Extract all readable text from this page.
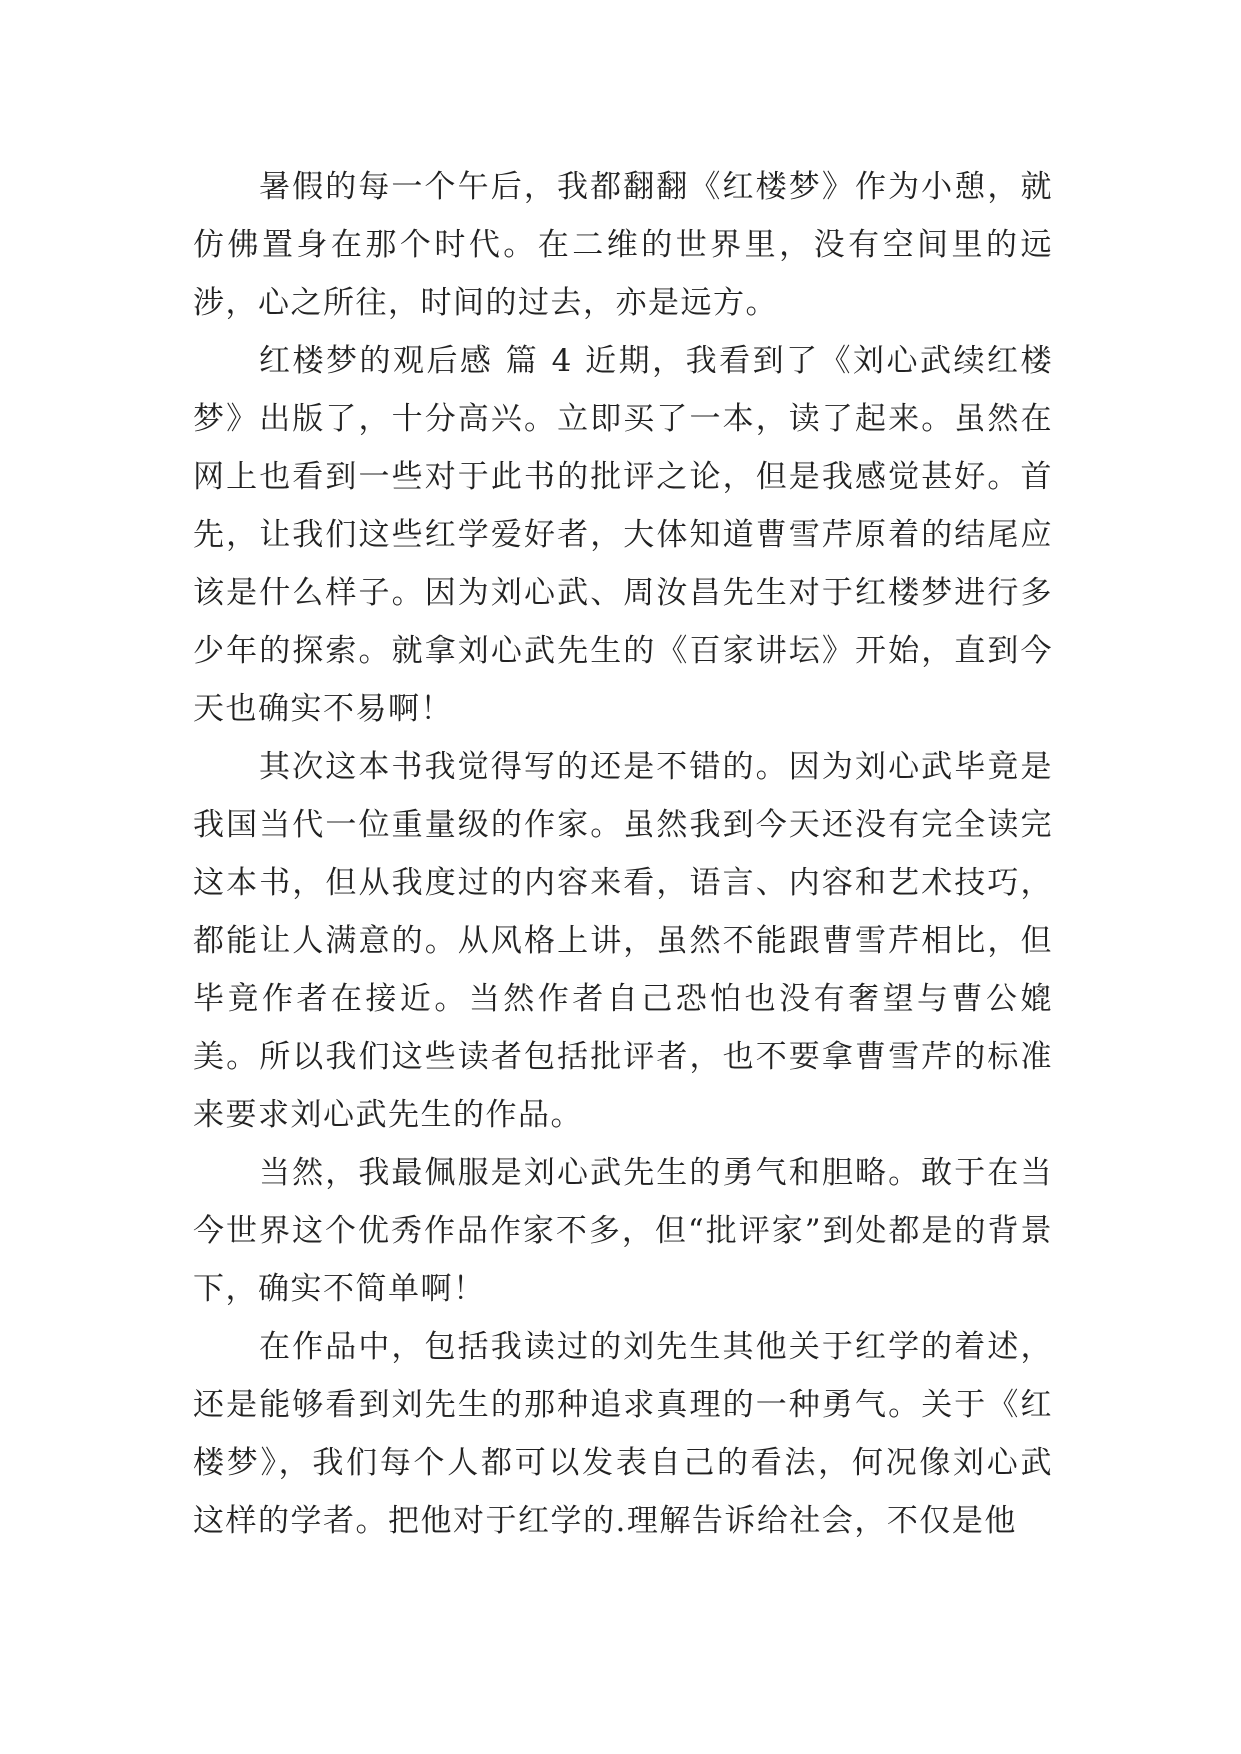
暑假的每一个午后，我都翻翻《红楼梦》作为小憩，就仿佛置身在那个时代。在二维的世界里，没有空间里的远涉，心之所往，时间的过去，亦是远方。

红楼梦的观后感 篇 4 近期，我看到了《刘心武续红楼梦》出版了，十分高兴。立即买了一本，读了起来。虽然在网上也看到一些对于此书的批评之论，但是我感觉甚好。首先，让我们这些红学爱好者，大体知道曹雪芹原着的结尾应该是什么样子。因为刘心武、周汝昌先生对于红楼梦进行多少年的探索。就拿刘心武先生的《百家讲坛》开始，直到今天也确实不易啊！

其次这本书我觉得写的还是不错的。因为刘心武毕竟是我国当代一位重量级的作家。虽然我到今天还没有完全读完这本书，但从我度过的内容来看，语言、内容和艺术技巧，都能让人满意的。从风格上讲，虽然不能跟曹雪芹相比，但毕竟作者在接近。当然作者自己恐怕也没有奢望与曹公媲美。所以我们这些读者包括批评者，也不要拿曹雪芹的标准来要求刘心武先生的作品。

当然，我最佩服是刘心武先生的勇气和胆略。敢于在当今世界这个优秀作品作家不多，但“批评家”到处都是的背景下，确实不简单啊！

在作品中，包括我读过的刘先生其他关于红学的着述，还是能够看到刘先生的那种追求真理的一种勇气。关于《红楼梦》，我们每个人都可以发表自己的看法，何况像刘心武这样的学者。把他对于红学的.理解告诉给社会，不仅是他
